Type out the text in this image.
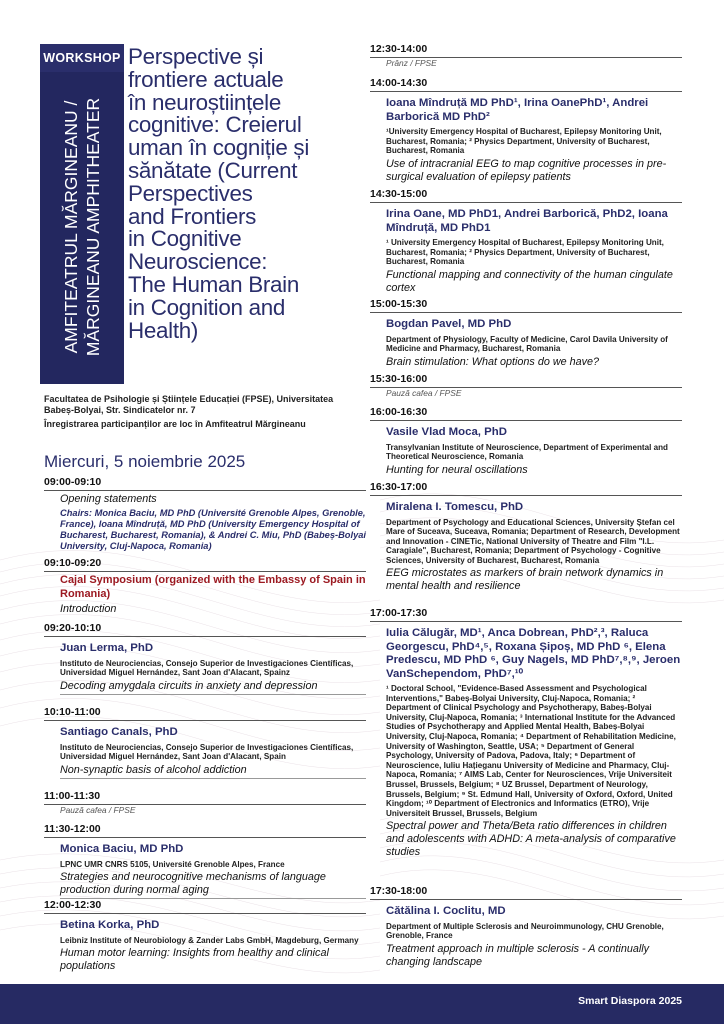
WORKSHOP
AMFITEATRUL MĂRGINEANU / MĂRGINEANU AMPHITHEATER
Perspective și
frontiere actuale
în neuroștiințele
cognitive: Creierul
uman în cogniție și
sănătate (Current
Perspectives
and Frontiers
in Cognitive
Neuroscience:
The Human Brain
in Cognition and
Health)
Facultatea de Psihologie și Științele Educației (FPSE), Universitatea Babeș-Bolyai, Str. Sindicatelor nr. 7
Înregistrarea participanților are loc în Amfiteatrul Mărgineanu
Miercuri, 5 noiembrie 2025
09:00-09:10
Opening statements
Chairs: Monica Baciu, MD PhD (Université Grenoble Alpes, Grenoble, France), Ioana Mîndruță, MD PhD (University Emergency Hospital of Bucharest, Bucharest, Romania), & Andrei C. Miu, PhD (Babeș-Bolyai University, Cluj-Napoca, Romania)
09:10-09:20
Cajal Symposium (organized with the Embassy of Spain in Romania)
Introduction
09:20-10:10
Juan Lerma, PhD
Instituto de Neurociencias, Consejo Superior de Investigaciones Científicas, Universidad Miguel Hernández, Sant Joan d'Alacant, Spainz
Decoding amygdala circuits in anxiety and depression
10:10-11:00
Santiago Canals, PhD
Instituto de Neurociencias, Consejo Superior de Investigaciones Científicas, Universidad Miguel Hernández, Sant Joan d'Alacant, Spain
Non-synaptic basis of alcohol addiction
11:00-11:30
Pauză cafea / FPSE
11:30-12:00
Monica Baciu, MD PhD
LPNC UMR CNRS 5105, Université Grenoble Alpes, France
Strategies and neurocognitive mechanisms of language production during normal aging
12:00-12:30
Betina Korka, PhD
Leibniz Institute of Neurobiology & Zander Labs GmbH, Magdeburg, Germany
Human motor learning: Insights from healthy and clinical populations
12:30-14:00
Prânz / FPSE
14:00-14:30
Ioana Mîndruță MD PhD¹, Irina OanePhD¹, Andrei Barborică MD PhD²
¹University Emergency Hospital of Bucharest, Epilepsy Monitoring Unit, Bucharest, Romania; ² Physics Department, University of Bucharest, Bucharest, Romania
Use of intracranial EEG to map cognitive processes in pre-surgical evaluation of epilepsy patients
14:30-15:00
Irina Oane, MD PhD1, Andrei Barborică, PhD2, Ioana Mîndruță, MD PhD1
¹ University Emergency Hospital of Bucharest, Epilepsy Monitoring Unit, Bucharest, Romania; ² Physics Department, University of Bucharest, Bucharest, Romania
Functional mapping and connectivity of the human cingulate cortex
15:00-15:30
Bogdan Pavel, MD PhD
Department of Physiology, Faculty of Medicine, Carol Davila University of Medicine and Pharmacy, Bucharest, Romania
Brain stimulation: What options do we have?
15:30-16:00
Pauză cafea / FPSE
16:00-16:30
Vasile Vlad Moca, PhD
Transylvanian Institute of Neuroscience, Department of Experimental and Theoretical Neuroscience, Romania
Hunting for neural oscillations
16:30-17:00
Miralena I. Tomescu, PhD
Department of Psychology and Educational Sciences, University Ștefan cel Mare of Suceava, Suceava, Romania; Department of Research, Development and Innovation - CINETic, National University of Theatre and Film "I.L. Caragiale", Bucharest, Romania; Department of Psychology - Cognitive Sciences, University of Bucharest, Bucharest, Romania
EEG microstates as markers of brain network dynamics in mental health and resilience
17:00-17:30
Iulia Călugăr, MD¹, Anca Dobrean, PhD²,³, Raluca Georgescu, PhD⁴,⁵, Roxana Șipoș, MD PhD ⁶, Elena Predescu, MD PhD ⁶, Guy Nagels, MD PhD⁷,⁸,⁹, Jeroen VanSchependom, PhD⁷,¹⁰
¹ Doctoral School, "Evidence-Based Assessment and Psychological Interventions," Babeș-Bolyai University, Cluj-Napoca, Romania; ² Department of Clinical Psychology and Psychotherapy, Babeș-Bolyai University, Cluj-Napoca, Romania; ³ International Institute for the Advanced Studies of Psychotherapy and Applied Mental Health, Babeș-Bolyai University, Cluj-Napoca, Romania; ⁴ Department of Rehabilitation Medicine, University of Washington, Seattle, USA; ⁵ Department of General Psychology, University of Padova, Padova, Italy; ⁶ Department of Neuroscience, Iuliu Hațieganu University of Medicine and Pharmacy, Cluj-Napoca, Romania; ⁷ AIMS Lab, Center for Neurosciences, Vrije Universiteit Brussel, Brussels, Belgium; ⁸ UZ Brussel, Department of Neurology, Brussels, Belgium; ⁹ St. Edmund Hall, University of Oxford, Oxford, United Kingdom; ¹⁰ Department of Electronics and Informatics (ETRO), Vrije Universiteit Brussel, Brussels, Belgium
Spectral power and Theta/Beta ratio differences in children and adolescents with ADHD: A meta-analysis of comparative studies
17:30-18:00
Cătălina I. Coclitu, MD
Department of Multiple Sclerosis and Neuroimmunology, CHU Grenoble, Grenoble, France
Treatment approach in multiple sclerosis - A continually changing landscape
Smart Diaspora 2025
